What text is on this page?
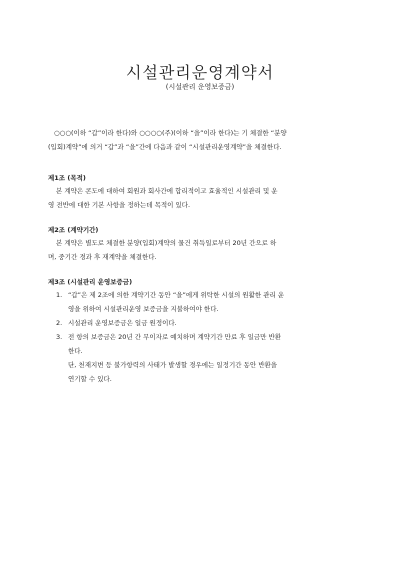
시설관리운영계약서
(시설관리 운영보증금)
○○○(이하 “갑”이라 한다)와 ○○○○(주)(이하 “을”이라 한다)는 기 체결한 “분양
(입회)계약”에 의거 “갑”과 “을”간에 다음과 같이 “시설관리운영계약”을 체결한다.
제1조 (목적)
본 계약은 콘도에 대하여 회원과 회사간에 합리적이고 효율적인 시설관리 및 운
영 전반에 대한 기본 사항을 정하는데 목적이 있다.
제2조 (계약기간)
본 계약은 별도로 체결한 분양(입회)계약의 물건 취득일로부터 20년 간으로 하
며, 중기간 경과 후 재계약을 체결한다.
제3조 (시설관리 운영보증금)
1. “갑”은 제 2조에 의한 계약기간 동안 “을”에게 위탁한 시설의 원활한 관리 운
영을 위하여 시설관리운영 보증금을 지불하여야 한다.
2. 시설관리 운영보증금은 일금 원정이다.
3. 전 항의 보증금은 20년 간 무이자로 예치하며 계약기간 만료 후 일금만 반환
한다.
단, 천재지변 등 불가항력의 사태가 발생할 경우에는 일정기간 동안 반환을
연기할 수 있다.
